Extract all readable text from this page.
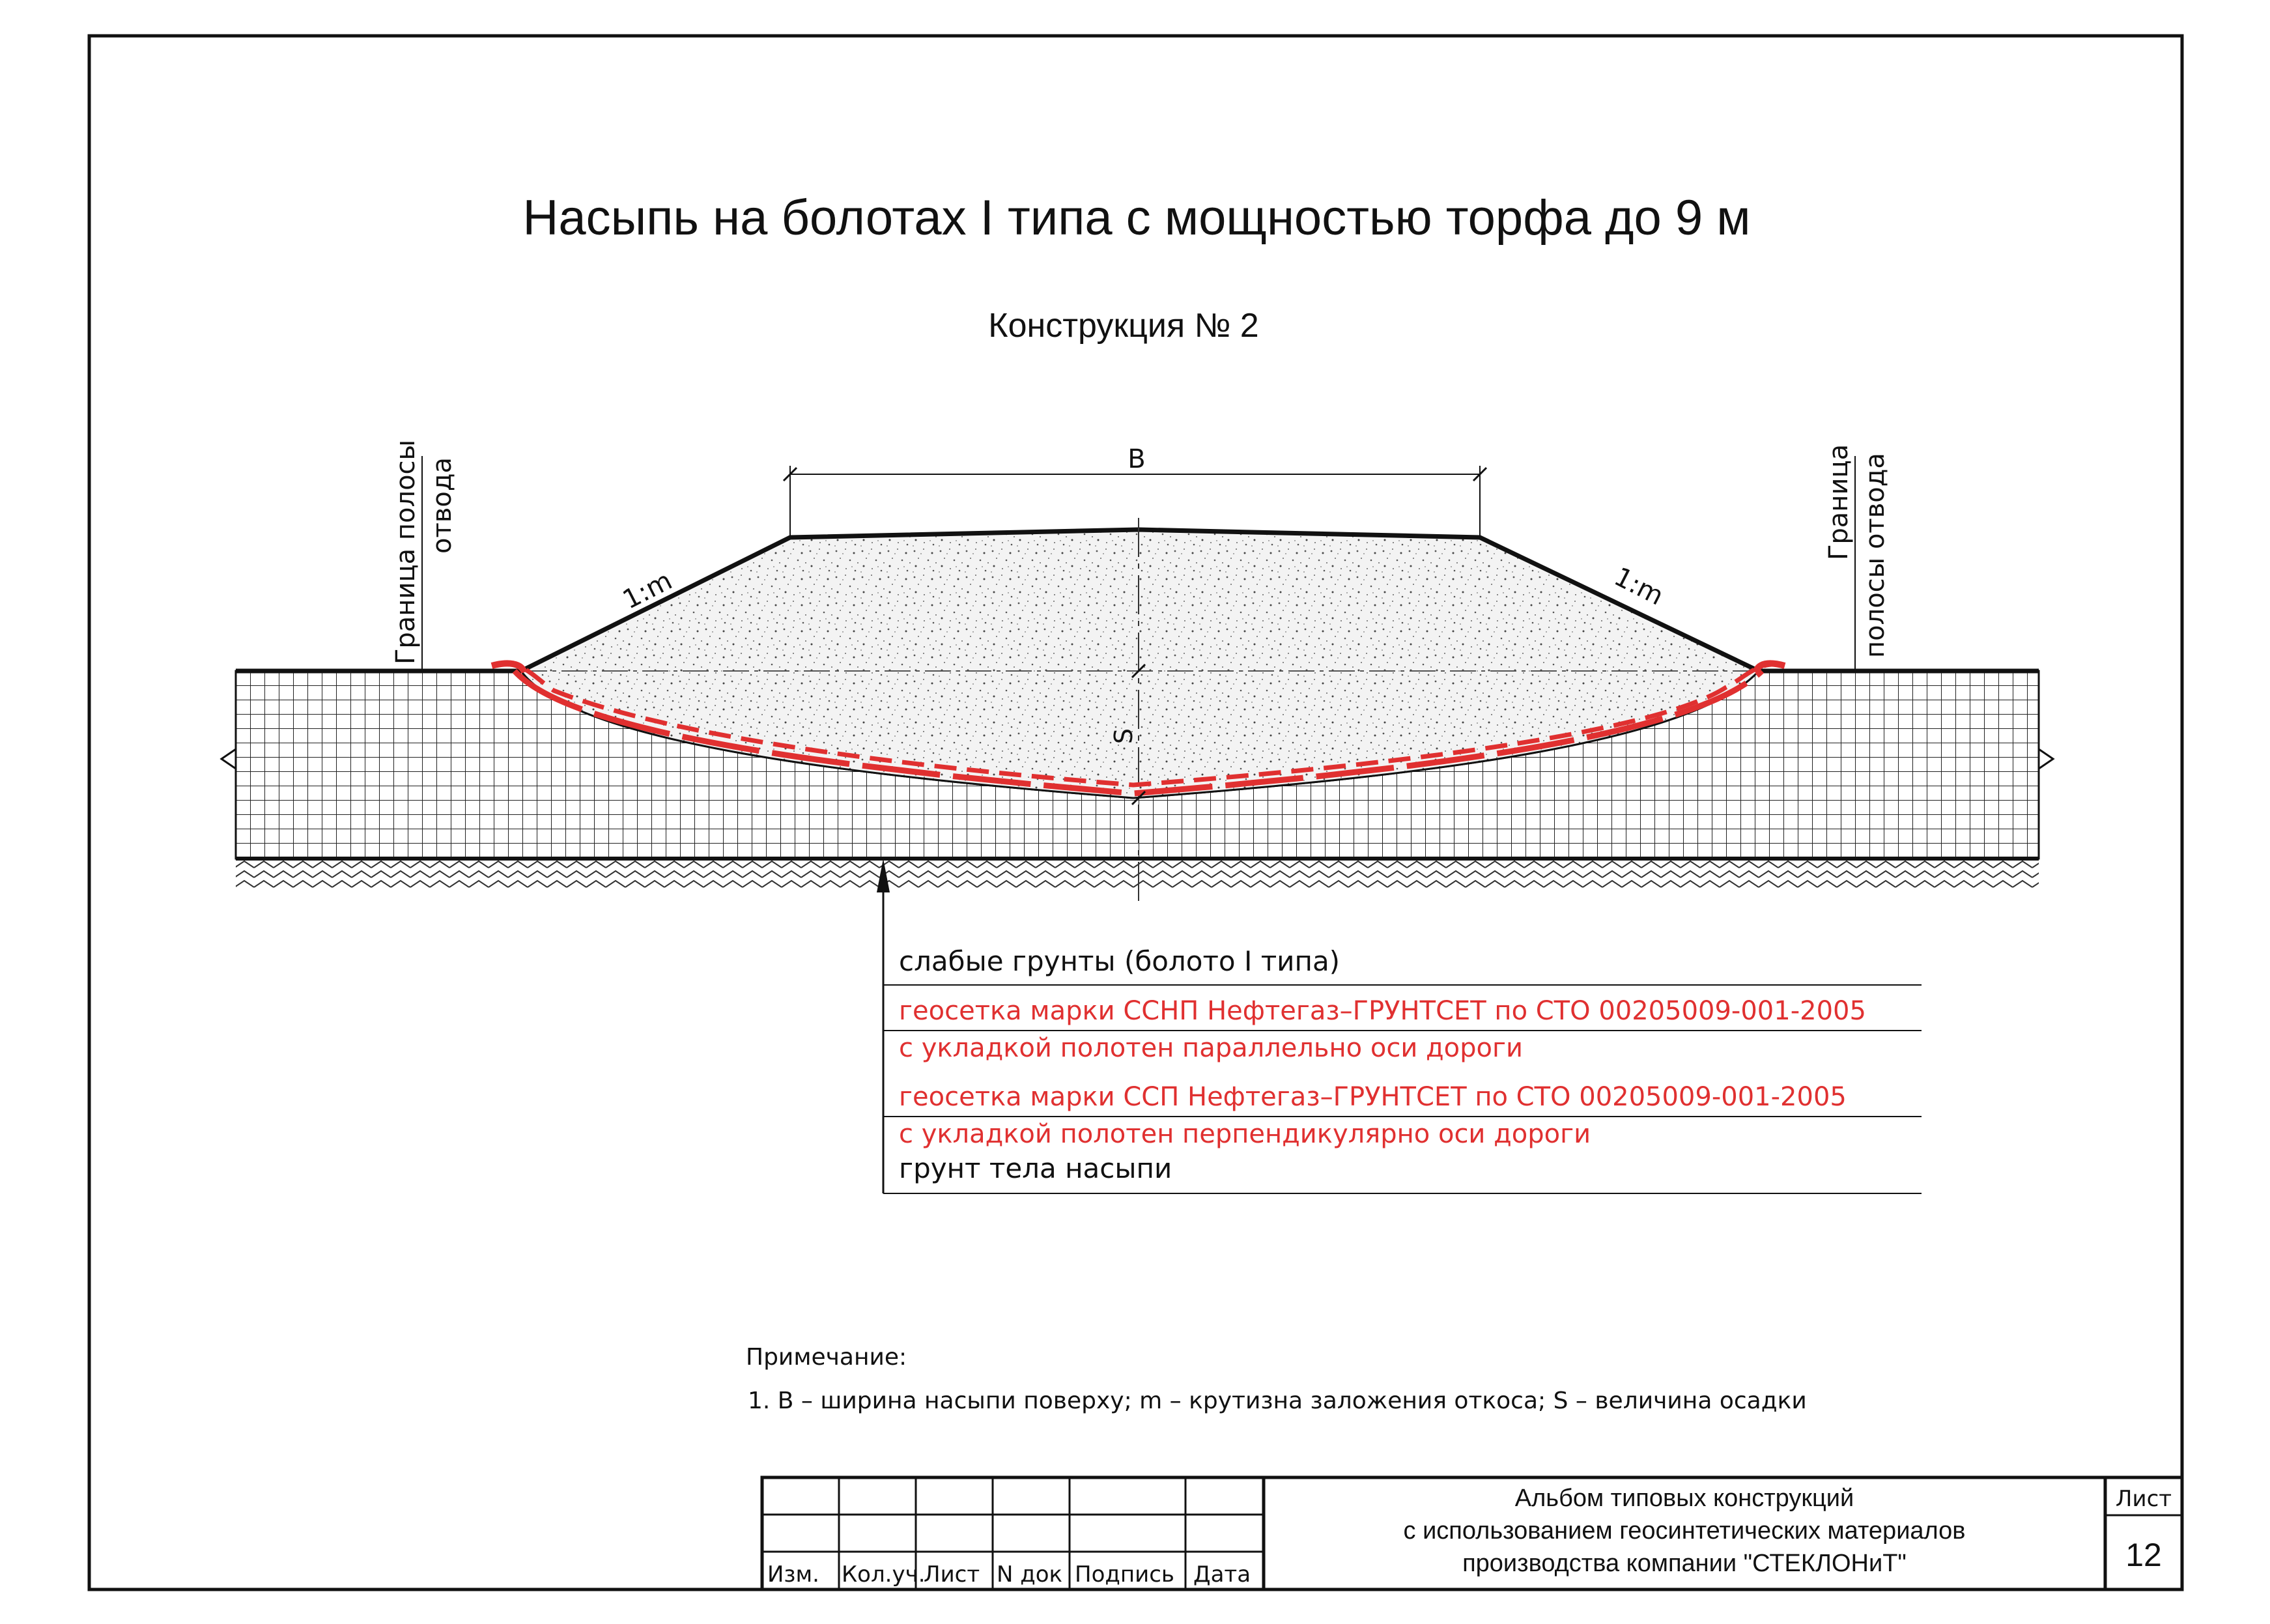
Насыпь на болотах I типа с мощностью торфа до 9 м
Конструкция № 2
B
1:m	1:m
S
Граница полосы отвода	Граница полосы отвода
слабые грунты (болото I типа)
геосетка марки ССНП Нефтегаз–ГРУНТСЕТ по СТО 00205009-001-2005
с укладкой полотен параллельно оси дороги
геосетка марки ССП Нефтегаз–ГРУНТСЕТ по СТО 00205009-001-2005
с укладкой полотен перпендикулярно оси дороги
грунт тела насыпи
Примечание:
1. B – ширина насыпи поверху; m – крутизна заложения откоса; S – величина осадки
Изм. Кол.уч.
Лист N док Подпись Дата
Альбом типовых конструкций
с использованием геосинтетических материалов
производства компании "СТЕКЛОНиТ"
Лист
12
